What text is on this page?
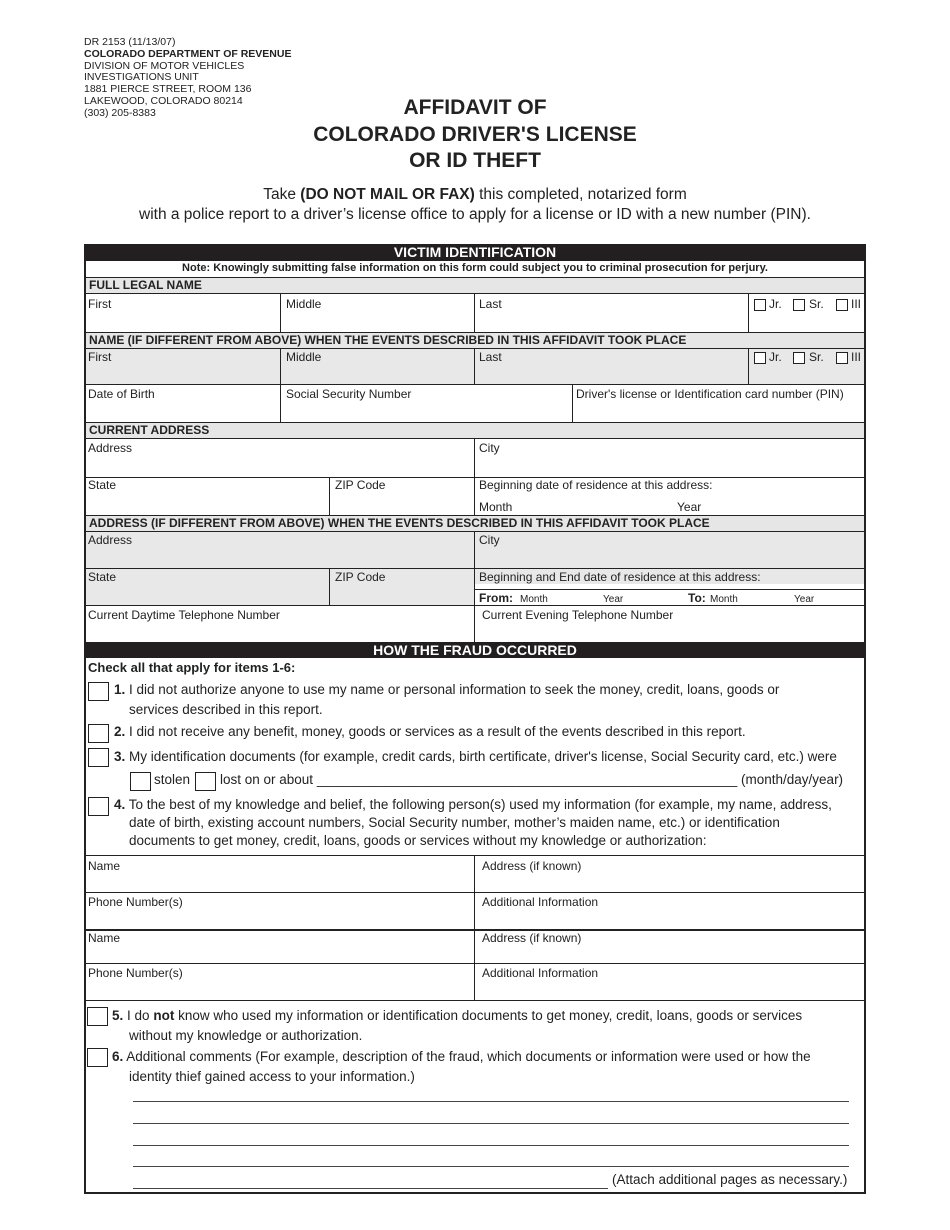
DR 2153 (11/13/07)
COLORADO DEPARTMENT OF REVENUE
DIVISION OF MOTOR VEHICLES
INVESTIGATIONS UNIT
1881 PIERCE STREET, ROOM 136
LAKEWOOD, COLORADO 80214
(303) 205-8383	AFFIDAVIT OF
COLORADO DRIVER'S LICENSE
OR ID THEFT
Take (DO NOT MAIL OR FAX) this completed, notarized form
with a police report to a driver’s license office to apply for a license or ID with a new number (PIN).
VICTIM IDENTIFICATION
Note: Knowingly submitting false information on this form could subject you to criminal prosecution for perjury.
FULL LEGAL NAME
First	Middle	Last	Jr. Sr. III
NAME (IF DIFFERENT FROM ABOVE) WHEN THE EVENTS DESCRIBED IN THIS AFFIDAVIT TOOK PLACE
First	Middle	Last	Jr. Sr. III
Date of Birth	Social Security Number	Driver's license or Identification card number (PIN)
CURRENT ADDRESS
Address	City
State	ZIP Code	Beginning date of residence at this address:
Month	Year
ADDRESS (IF DIFFERENT FROM ABOVE) WHEN THE EVENTS DESCRIBED IN THIS AFFIDAVIT TOOK PLACE
Address	City
State	ZIP Code	Beginning and End date of residence at this address:
From: Month	Year	To: Month	Year
Current Daytime Telephone Number	Current Evening Telephone Number
HOW THE FRAUD OCCURRED
Check all that apply for items 1-6:
1. I did not authorize anyone to use my name or personal information to seek the money, credit, loans, goods or
services described in this report.
2. I did not receive any benefit, money, goods or services as a result of the events described in this report.
3. My identification documents (for example, credit cards, birth certificate, driver's license, Social Security card, etc.) were
stolen lost on or about ________________________________________________________ (month/day/year)
4. To the best of my knowledge and belief, the following person(s) used my information (for example, my name, address,
date of birth, existing account numbers, Social Security number, mother’s maiden name, etc.) or identification
documents to get money, credit, loans, goods or services without my knowledge or authorization:
Name	Address (if known)
Phone Number(s)	Additional Information
Name	Address (if known)
Phone Number(s)	Additional Information
5. I do not know who used my information or identification documents to get money, credit, loans, goods or services
without my knowledge or authorization.
6. Additional comments (For example, description of the fraud, which documents or information were used or how the
identity thief gained access to your information.)
(Attach additional pages as necessary.)
